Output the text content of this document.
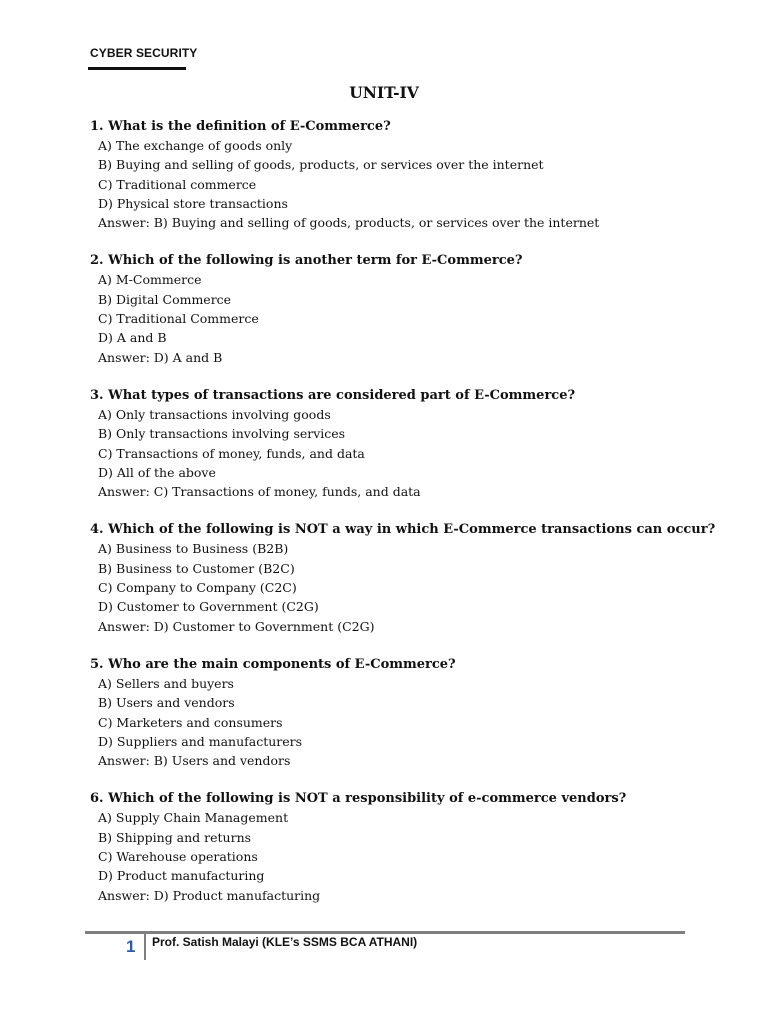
CYBER SECURITY
UNIT-IV
1. What is the definition of E-Commerce?
A) The exchange of goods only
B) Buying and selling of goods, products, or services over the internet
C) Traditional commerce
D) Physical store transactions
Answer: B) Buying and selling of goods, products, or services over the internet
2. Which of the following is another term for E-Commerce?
A) M-Commerce
B) Digital Commerce
C) Traditional Commerce
D) A and B
Answer: D) A and B
3. What types of transactions are considered part of E-Commerce?
A) Only transactions involving goods
B) Only transactions involving services
C) Transactions of money, funds, and data
D) All of the above
Answer: C) Transactions of money, funds, and data
4. Which of the following is NOT a way in which E-Commerce transactions can occur?
A) Business to Business (B2B)
B) Business to Customer (B2C)
C) Company to Company (C2C)
D) Customer to Government (C2G)
Answer: D) Customer to Government (C2G)
5. Who are the main components of E-Commerce?
A) Sellers and buyers
B) Users and vendors
C) Marketers and consumers
D) Suppliers and manufacturers
Answer: B) Users and vendors
6. Which of the following is NOT a responsibility of e-commerce vendors?
A) Supply Chain Management
B) Shipping and returns
C) Warehouse operations
D) Product manufacturing
Answer: D) Product manufacturing
1 Prof. Satish Malayi (KLE’s SSMS BCA ATHANI)
